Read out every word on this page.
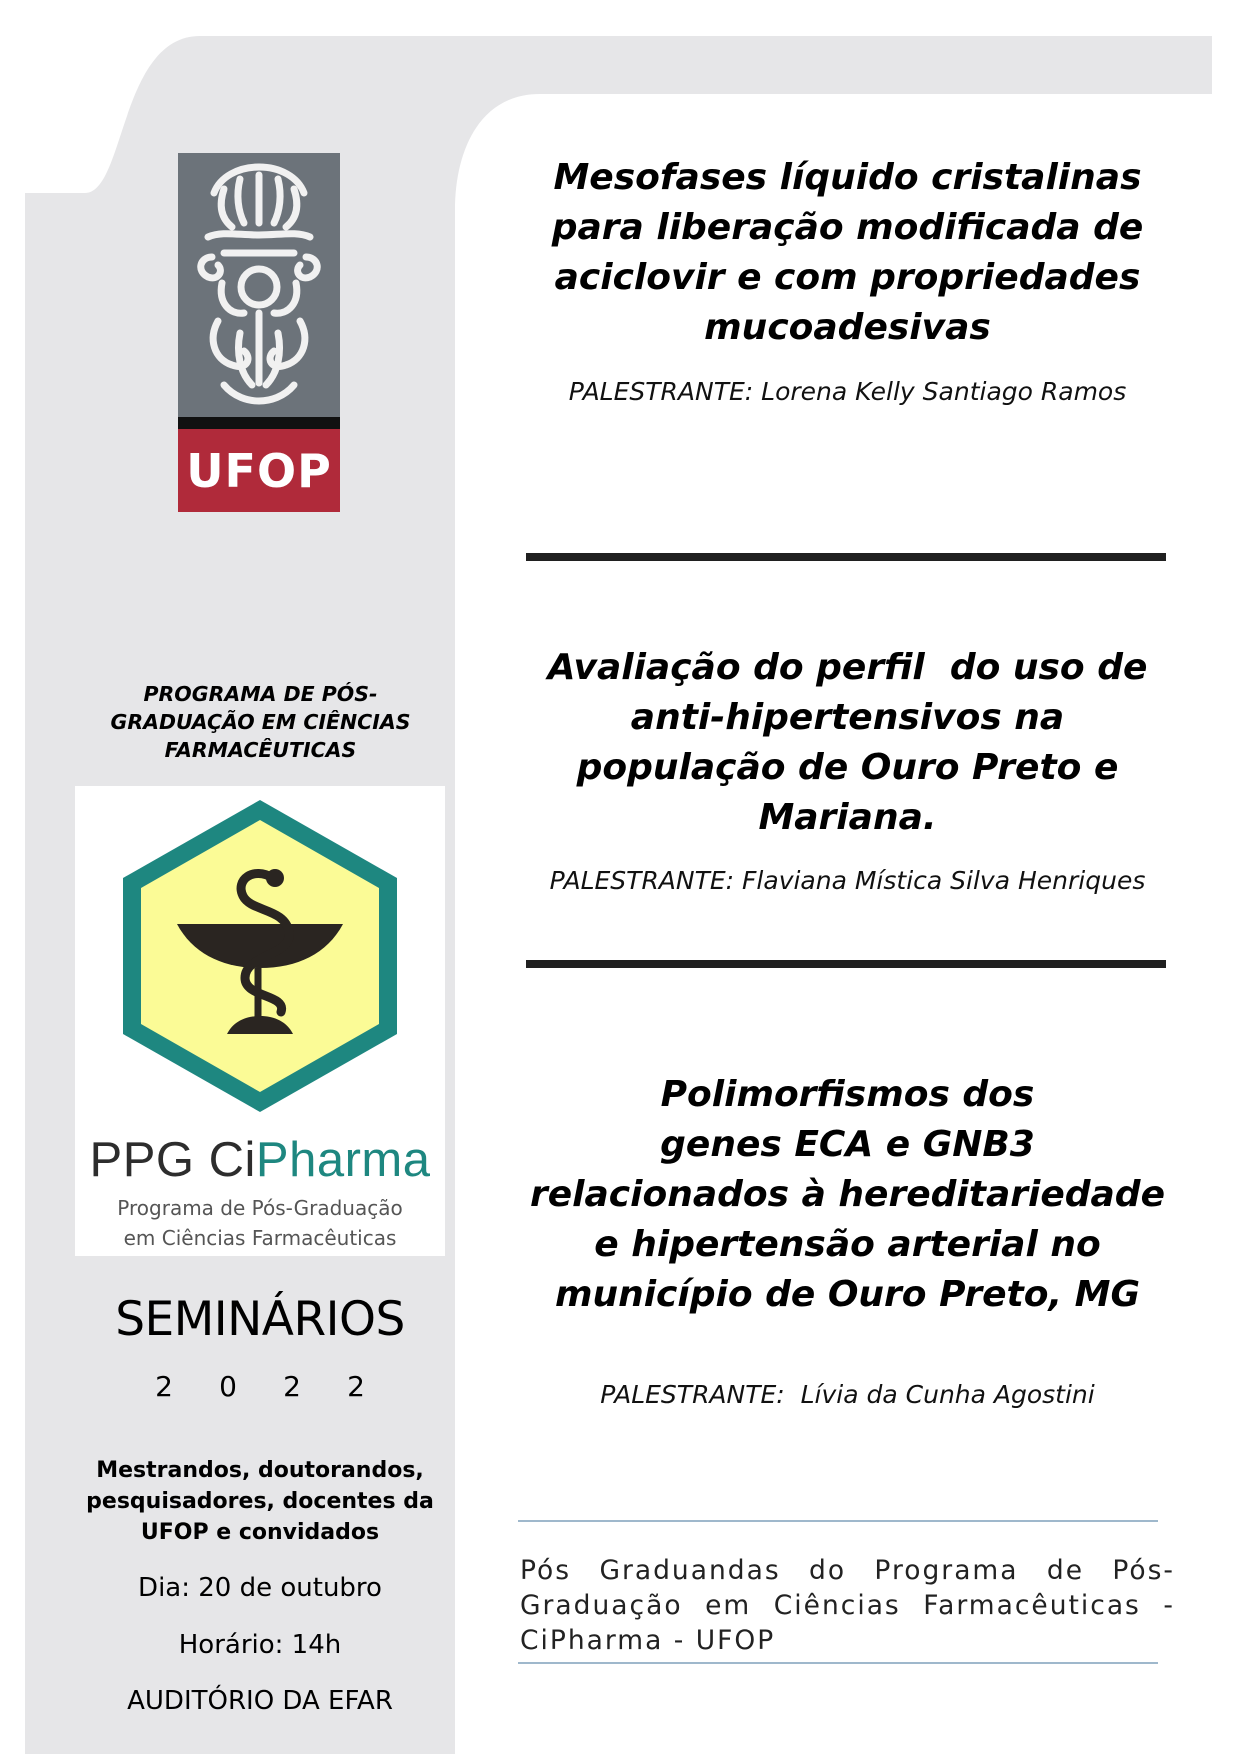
UFOP
PROGRAMA DE PÓS-GRADUAÇÃO EM CIÊNCIAS FARMACÊUTICAS
PPG CiPharma
Programa de Pós-Graduação
em Ciências Farmacêuticas
SEMINÁRIOS
2 0 2 2
Mestrandos, doutorandos, pesquisadores, docentes da UFOP e convidados
Dia: 20 de outubro
Horário: 14h
AUDITÓRIO DA EFAR
Mesofases líquido cristalinas
para liberação modificada de
aciclovir e com propriedades
mucoadesivas
PALESTRANTE: Lorena Kelly Santiago Ramos
Avaliação do perfil  do uso de
anti-hipertensivos na
população de Ouro Preto e
Mariana.
PALESTRANTE: Flaviana Mística Silva Henriques
Polimorfismos dos
genes ECA e GNB3
relacionados à hereditariedade
e hipertensão arterial no
município de Ouro Preto, MG
PALESTRANTE:  Lívia da Cunha Agostini
Pós Graduandas do Programa de Pós-Graduação em Ciências Farmacêuticas - CiPharma - UFOP
